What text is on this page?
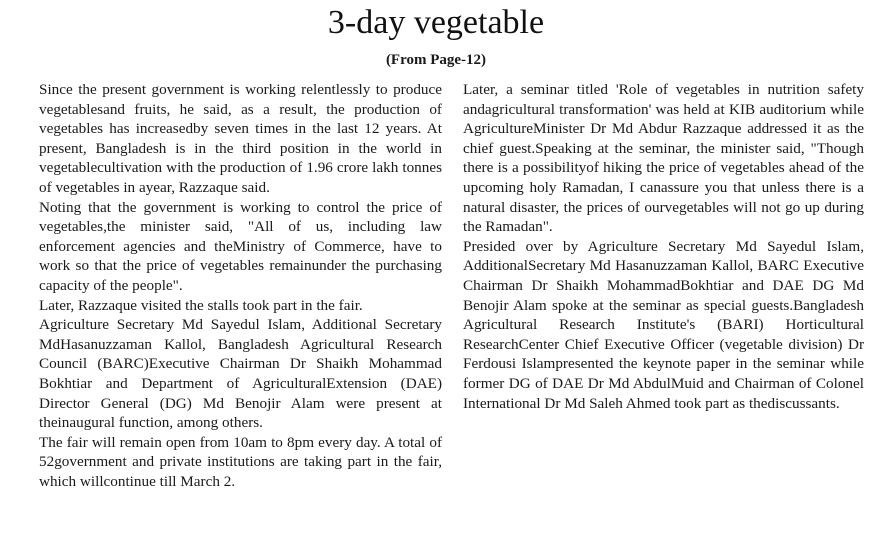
3-day vegetable
(From Page-12)

Since the present government is working relentlessly to produce vegetablesand fruits, he said, as a result, the production of vegetables has increasedby seven times in the last 12 years. At present, Bangladesh is in the third position in the world in vegetablecultivation with the production of 1.96 crore lakh tonnes of vegetables in ayear, Razzaque said.

Noting that the government is working to control the price of vegetables,the minister said, "All of us, including law enforcement agencies and theMinistry of Commerce, have to work so that the price of vegetables remainunder the purchasing capacity of the people".

Later, Razzaque visited the stalls took part in the fair.

Agriculture Secretary Md Sayedul Islam, Additional Secretary MdHasanuzzaman Kallol, Bangladesh Agricultural Research Council (BARC)Executive Chairman Dr Shaikh Mohammad Bokhtiar and Department of AgriculturalExtension (DAE) Director General (DG) Md Benojir Alam were present at theinaugural function, among others.

The fair will remain open from 10am to 8pm every day. A total of 52government and private institutions are taking part in the fair, which willcontinue till March 2.

Later, a seminar titled 'Role of vegetables in nutrition safety andagricultural transformation' was held at KIB auditorium while AgricultureMinister Dr Md Abdur Razzaque addressed it as the chief guest.Speaking at the seminar, the minister said, "Though there is a possibilityof hiking the price of vegetables ahead of the upcoming holy Ramadan, I canassure you that unless there is a natural disaster, the prices of ourvegetables will not go up during the Ramadan".

Presided over by Agriculture Secretary Md Sayedul Islam, AdditionalSecretary Md Hasanuzzaman Kallol, BARC Executive Chairman Dr Shaikh MohammadBokhtiar and DAE DG Md Benojir Alam spoke at the seminar as special guests.Bangladesh Agricultural Research Institute's (BARI) Horticultural ResearchCenter Chief Executive Officer (vegetable division) Dr Ferdousi Islampresented the keynote paper in the seminar while former DG of DAE Dr Md AbdulMuid and Chairman of Colonel International Dr Md Saleh Ahmed took part as thediscussants.
